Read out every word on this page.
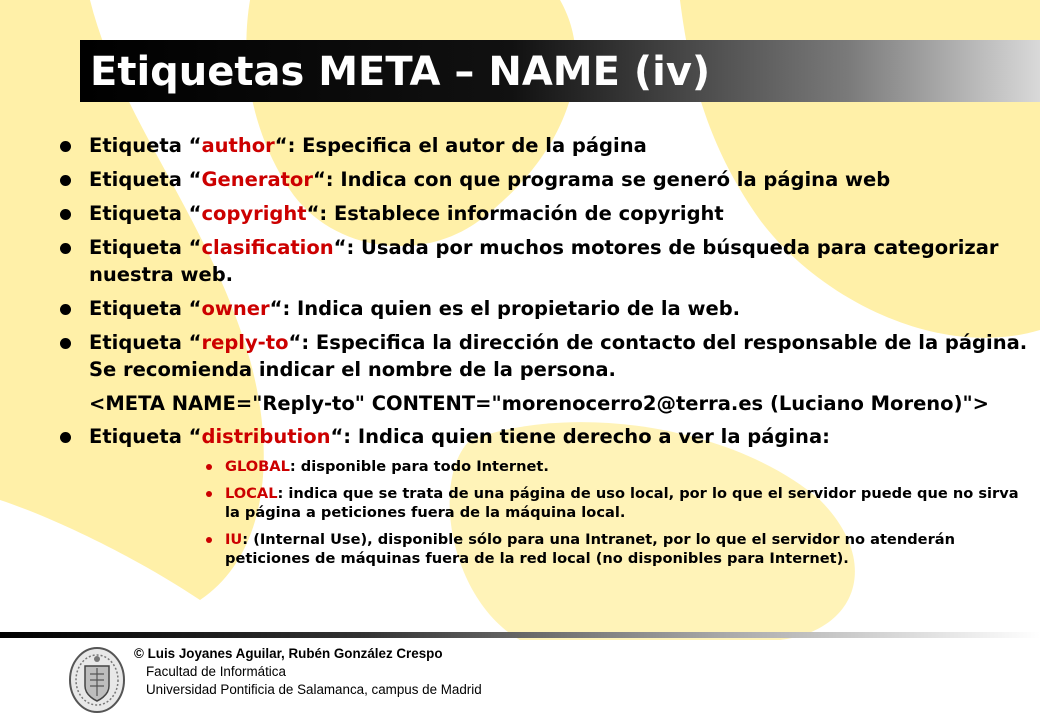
Etiquetas META – NAME (iv)
Etiqueta “author“: Especifica el autor de la página
Etiqueta “Generator“: Indica con que programa se generó la página web
Etiqueta “copyright“: Establece información de copyright
Etiqueta “clasification“: Usada por muchos motores de búsqueda para categorizar nuestra web.
Etiqueta “owner“: Indica quien es el propietario de la web.
Etiqueta “reply-to“: Especifica la dirección de contacto del responsable de la página. Se recomienda indicar el nombre de la persona.
<META NAME="Reply-to" CONTENT="morenocerro2@terra.es (Luciano Moreno)">
Etiqueta “distribution“: Indica quien tiene derecho a ver la página:
GLOBAL: disponible para todo Internet.
LOCAL: indica que se trata de una página de uso local, por lo que el servidor puede que no sirva la página a peticiones fuera de la máquina local.
IU: (Internal Use), disponible sólo para una Intranet, por lo que el servidor no atenderán peticiones de máquinas fuera de la red local (no disponibles para Internet).
© Luis Joyanes Aguilar, Rubén González Crespo
Facultad de Informática
Universidad Pontificia de Salamanca, campus de Madrid
